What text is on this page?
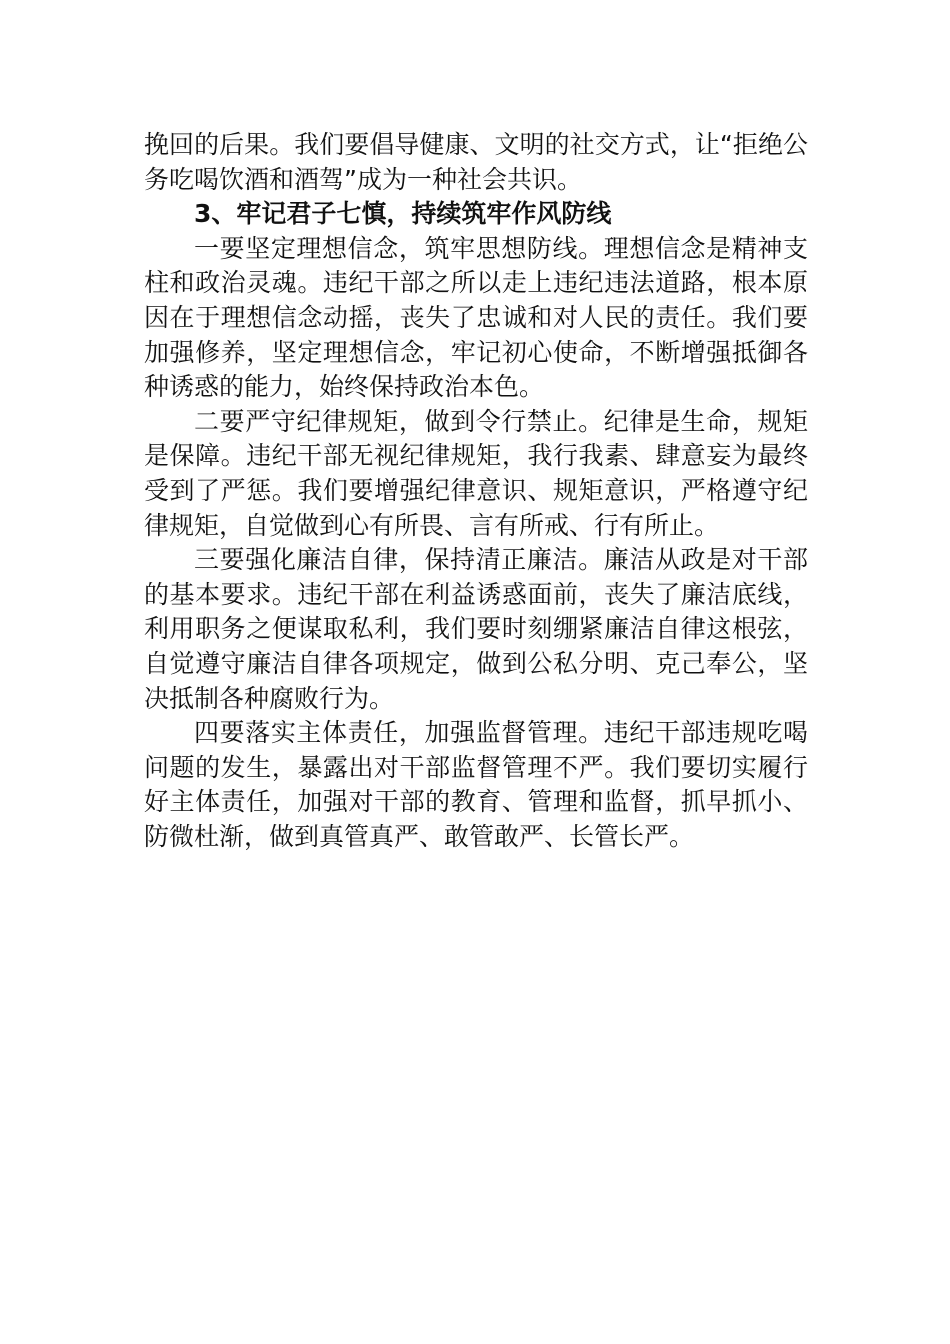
挽回的后果。我们要倡导健康、文明的社交方式，让“拒绝公务吃喝饮酒和酒驾”成为一种社会共识。

3、牢记君子七慎，持续筑牢作风防线

一要坚定理想信念，筑牢思想防线。理想信念是精神支柱和政治灵魂。违纪干部之所以走上违纪违法道路，根本原因在于理想信念动摇，丧失了忠诚和对人民的责任。我们要加强修养，坚定理想信念，牢记初心使命，不断增强抵御各种诱惑的能力，始终保持政治本色。

二要严守纪律规矩，做到令行禁止。纪律是生命，规矩是保障。违纪干部无视纪律规矩，我行我素、肆意妄为最终受到了严惩。我们要增强纪律意识、规矩意识，严格遵守纪律规矩，自觉做到心有所畏、言有所戒、行有所止。

三要强化廉洁自律，保持清正廉洁。廉洁从政是对干部的基本要求。违纪干部在利益诱惑面前，丧失了廉洁底线，利用职务之便谋取私利，我们要时刻绷紧廉洁自律这根弦，自觉遵守廉洁自律各项规定，做到公私分明、克己奉公，坚决抵制各种腐败行为。

四要落实主体责任，加强监督管理。违纪干部违规吃喝问题的发生，暴露出对干部监督管理不严。我们要切实履行好主体责任，加强对干部的教育、管理和监督，抓早抓小、防微杜渐，做到真管真严、敢管敢严、长管长严。
